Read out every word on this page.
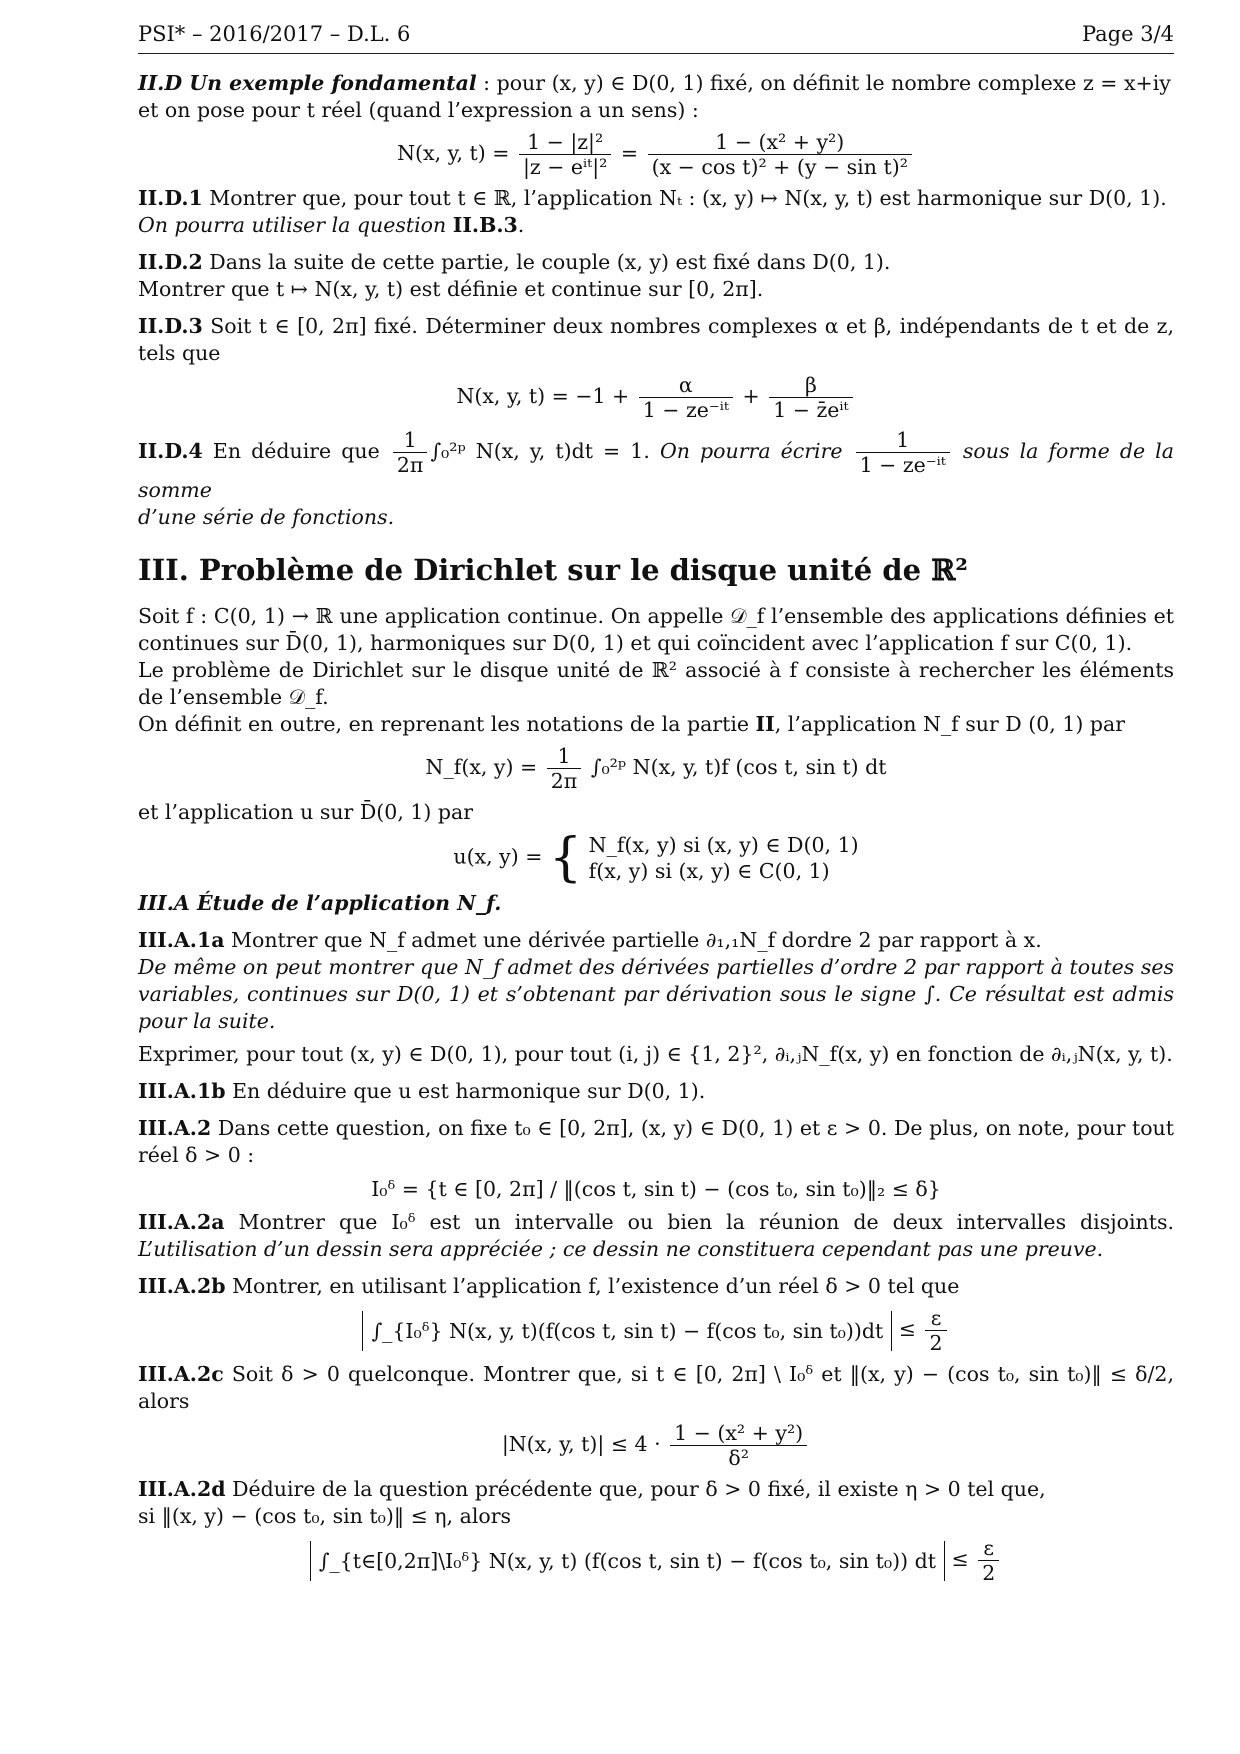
PSI* – 2016/2017 – D.L. 6	Page 3/4

II.D Un exemple fondamental : pour (x, y) ∈ D(0, 1) fixé, on définit le nombre complexe z = x+iy

et on pose pour t réel (quand l’expression a un sens) :

N(x, y, $t) = \frac{\text{1 − |z|²}}{\text{|z − eⁱᵗ|²}} = \frac{\text{1 − (x² + y²)}}{\text{(x − cos t)² + (y − sin t)²}}$

II.D.1 Montrer que, pour tout t ∈ ℝ, l’application Nₜ : (x, y) ↦ N(x, y, t) est harmonique sur D(0, 1).

On pourra utiliser la question II.B.3.

II.D.2 Dans la suite de cette partie, le couple (x, y) est fixé dans D(0, 1).

Montrer que t ↦ N(x, y, t) est définie et continue sur [0, 2π].

II.D.3 Soit t ∈ [0, 2π] fixé. Déterminer deux nombres complexes α et β, indépendants de t et de z, tels que

N(x, y, $t) = -1 + \frac{\alpha}{\text{1 − ze⁻ⁱᵗ}} + \frac{\beta}{\text{1 − z̄eⁱᵗ}}$

II.D.4 En déduire que $\frac{1}{2\pi}$ ∫₀²ᵖ N(x, y, t)dt = 1. On pourra écrire $\frac{1}{\text{1 − ze⁻ⁱᵗ}}$ sous la forme de la somme

d’une série de fonctions.

III. Problème de Dirichlet sur le disque unité de ℝ²

Soit f : C(0, 1) → ℝ une application continue. On appelle 𝒟_f l’ensemble des applications définies et continues sur D̄(0, 1), harmoniques sur D(0, 1) et qui coïncident avec l’application f sur C(0, 1).

Le problème de Dirichlet sur le disque unité de ℝ² associé à f consiste à rechercher les éléments de l’ensemble 𝒟_f.

On définit en outre, en reprenant les notations de la partie II, l’application N_f sur D (0, 1) par

N_f(x, $y) = \frac{1}{2\pi}$ ∫₀²ᵖ N(x, y, t)f (cos t, sin t) dt

et l’application u sur D̄(0, 1) par

u(x, y) = { N_f(x, y) si (x, y) ∈ D(0, 1)
f(x, y) si (x, y) ∈ C(0, 1)

III.A Étude de l’application N_f.

III.A.1a Montrer que N_f admet une dérivée partielle ∂₁,₁N_f dordre 2 par rapport à x.

De même on peut montrer que N_f admet des dérivées partielles d’ordre 2 par rapport à toutes ses variables, continues sur D(0, 1) et s’obtenant par dérivation sous le signe ∫. Ce résultat est admis pour la suite.

Exprimer, pour tout (x, y) ∈ D(0, 1), pour tout (i, j) ∈ {1, 2}², ∂ᵢ,ⱼN_f(x, y) en fonction de ∂ᵢ,ⱼN(x, y, t).

III.A.1b En déduire que u est harmonique sur D(0, 1).

III.A.2 Dans cette question, on fixe t₀ ∈ [0, 2π], (x, y) ∈ D(0, 1) et ε > 0. De plus, on note, pour tout réel δ > 0 :

I₀ᵟ = {t ∈ [0, 2π] / ‖(cos t, sin t) − (cos t₀, sin t₀)‖₂ ≤ δ}

III.A.2a Montrer que I₀ᵟ est un intervalle ou bien la réunion de deux intervalles disjoints. L’utilisation d’un dessin sera appréciée ; ce dessin ne constituera cependant pas une preuve.

III.A.2b Montrer, en utilisant l’application f, l’existence d’un réel δ > 0 tel que

∫_{I₀ᵟ} N(x, y, t)(f(cos t, sin t) − f(cos t₀, $\sin t_0))dt \le \frac{\varepsilon}{2}$

III.A.2c Soit δ > 0 quelconque. Montrer que, si t ∈ [0, 2π] \ I₀ᵟ et ‖(x, y) − (cos t₀, sin t₀)‖ ≤ δ/2, alors

|N(x, y, $t)| \le 4 \cdot \frac{\text{1 − (x² + y²)}}{\text{δ²}}$

III.A.2d Déduire de la question précédente que, pour δ > 0 fixé, il existe η > 0 tel que,

si ‖(x, y) − (cos t₀, sin t₀)‖ ≤ η, alors

∫_{t∈[0,2π]\I₀ᵟ} N(x, y, t) (f(cos t, sin t) − f(cos t₀, sin t₀)) dt ≤ $\frac{\varepsilon}{2}$
